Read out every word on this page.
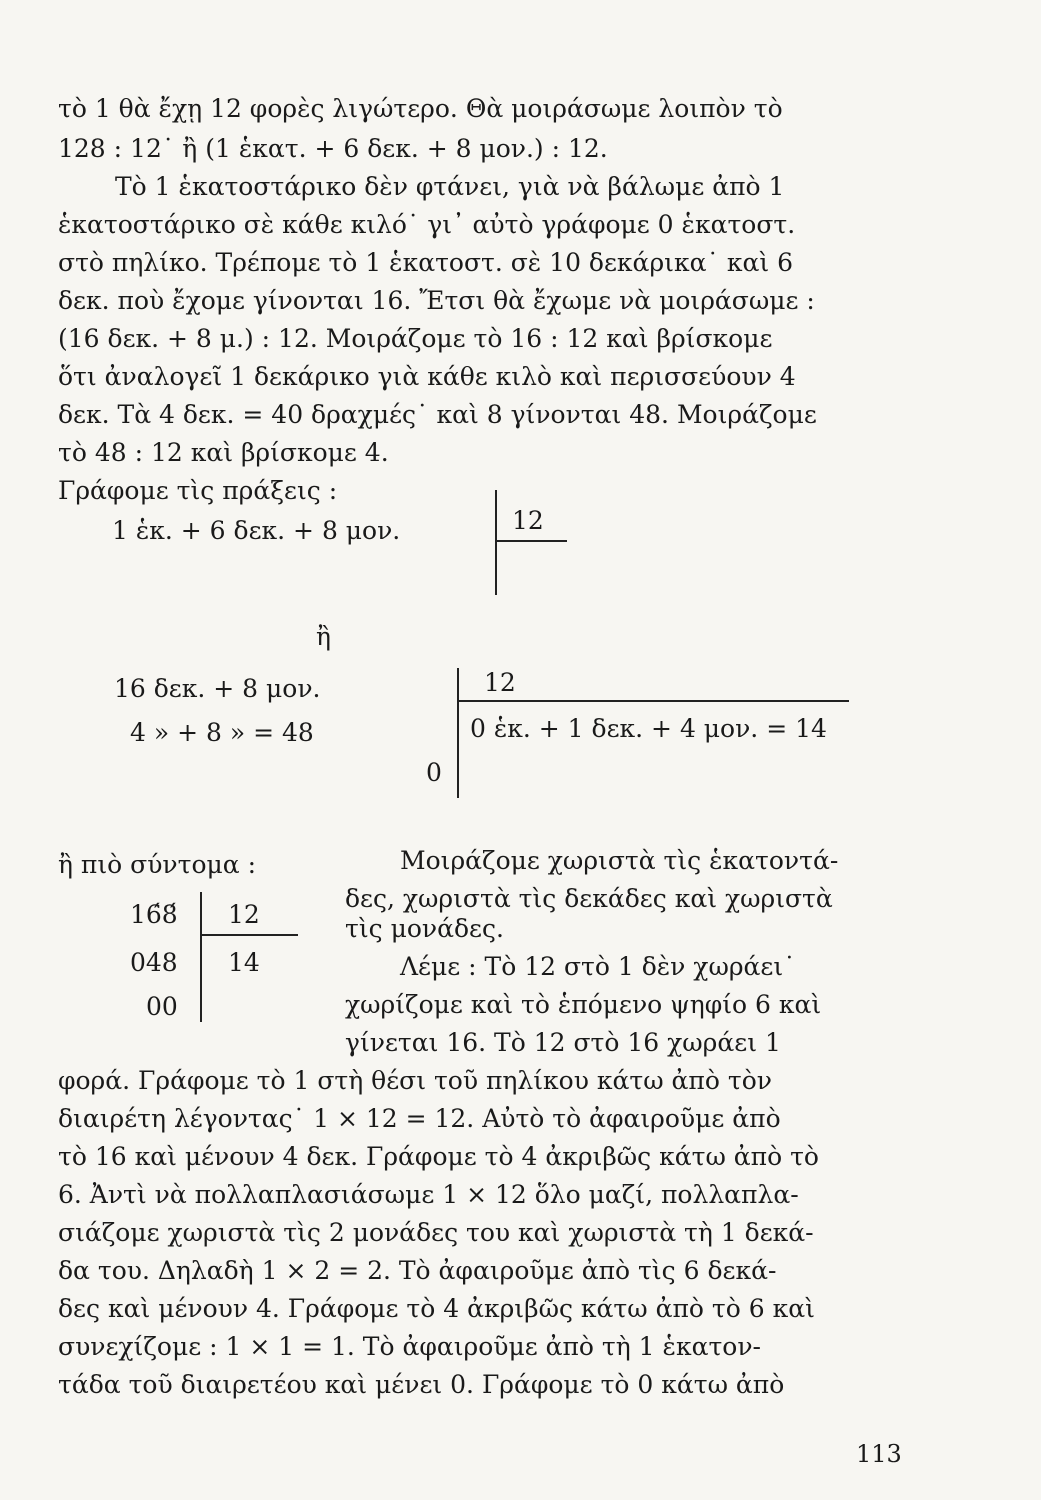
τὸ 1 θὰ ἔχῃ 12 φορὲς λιγώτερο. Θὰ μοιράσωμε λοιπὸν τὸ
128 : 12˙ ἢ (1 ἑκατ. + 6 δεκ. + 8 μον.) : 12.
Τὸ 1 ἑκατοστάρικο δὲν φτάνει, γιὰ νὰ βάλωμε ἀπὸ 1
ἑκατοστάρικο σὲ κάθε κιλό˙ γι᾽ αὐτὸ γράφομε 0 ἑκατοστ.
στὸ πηλίκο. Τρέπομε τὸ 1 ἑκατοστ. σὲ 10 δεκάρικα˙ καὶ 6
δεκ. ποὺ ἔχομε γίνονται 16. Ἔτσι θὰ ἔχωμε νὰ μοιράσωμε :
(16 δεκ. + 8 μ.) : 12. Μοιράζομε τὸ 16 : 12 καὶ βρίσκομε
ὅτι ἀναλογεῖ 1 δεκάρικο γιὰ κάθε κιλὸ καὶ περισσεύουν 4
δεκ. Τὰ 4 δεκ. = 40 δραχμές˙ καὶ 8 γίνονται 48. Μοιράζομε
τὸ 48 : 12 καὶ βρίσκομε 4.
Γράφομε τὶς πράξεις :
1 ἑκ. + 6 δεκ. + 8 μον.	12
ἢ
16 δεκ. + 8 μον.
4 » + 8 » = 48
0
12
0 ἑκ. + 1 δεκ. + 4 μον. = 14
ἢ πιὸ σύντομα :
16́8́
048
00
12
14
Μοιράζομε χωριστὰ τὶς ἑκατοντά-
δες, χωριστὰ τὶς δεκάδες καὶ χωριστὰ
τὶς μονάδες.
Λέμε : Τὸ 12 στὸ 1 δὲν χωράει˙
χωρίζομε καὶ τὸ ἑπόμενο ψηφίο 6 καὶ
γίνεται 16. Τὸ 12 στὸ 16 χωράει 1
φορά. Γράφομε τὸ 1 στὴ θέσι τοῦ πηλίκου κάτω ἀπὸ τὸν
διαιρέτη λέγοντας˙ 1 × 12 = 12. Αὐτὸ τὸ ἀφαιροῦμε ἀπὸ
τὸ 16 καὶ μένουν 4 δεκ. Γράφομε τὸ 4 ἀκριβῶς κάτω ἀπὸ τὸ
6. Ἀντὶ νὰ πολλαπλασιάσωμε 1 × 12 ὅλο μαζί, πολλαπλα-
σιάζομε χωριστὰ τὶς 2 μονάδες του καὶ χωριστὰ τὴ 1 δεκά-
δα του. Δηλαδὴ 1 × 2 = 2. Τὸ ἀφαιροῦμε ἀπὸ τὶς 6 δεκά-
δες καὶ μένουν 4. Γράφομε τὸ 4 ἀκριβῶς κάτω ἀπὸ τὸ 6 καὶ
συνεχίζομε : 1 × 1 = 1. Τὸ ἀφαιροῦμε ἀπὸ τὴ 1 ἑκατον-
τάδα τοῦ διαιρετέου καὶ μένει 0. Γράφομε τὸ 0 κάτω ἀπὸ
113
